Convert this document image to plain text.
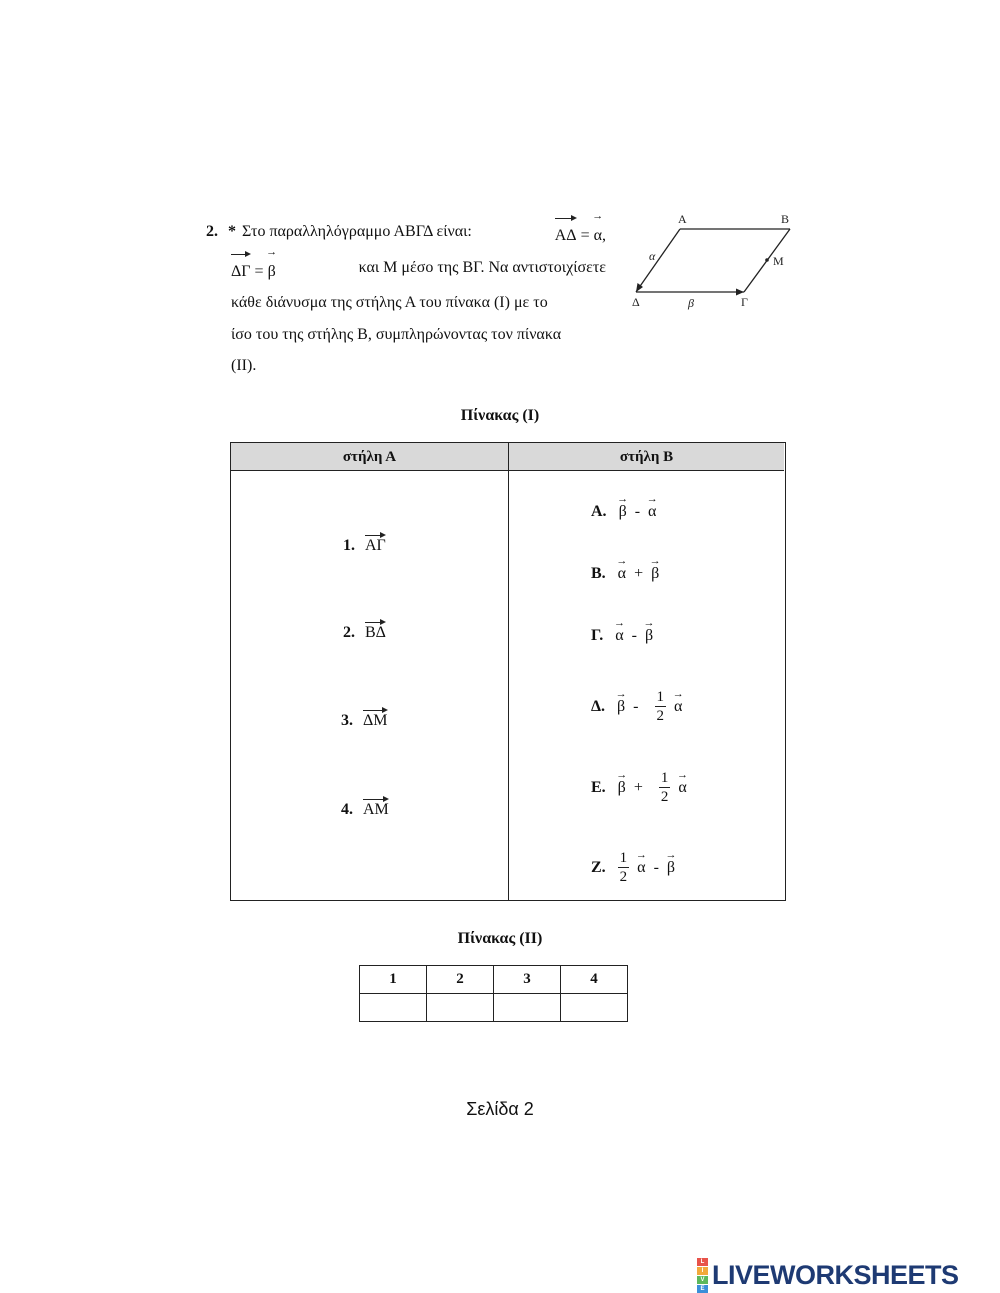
2. * Στο παραλληλόγραμμο ΑΒΓΔ είναι:	ΑΔ =
→
α,
ΔΓ =
→
β	και Μ μέσο της ΒΓ. Να αντιστοιχίσετε
κάθε διάνυσμα της στήλης Α του πίνακα (Ι) με το
ίσο του της στήλης Β, συμπληρώνοντας τον πίνακα
(ΙΙ).
Α	Β
Μ
Γ
Δ
α
β
Πίνακας (Ι)
στήλη Α	στήλη Β
1. ΑΓ
2. ΒΔ
3. ΔΜ
4. ΑΜ
Α.
→
β -
→
α
Β.
→
α +
→
β
Γ.
→
α -
→
β
Δ.
→
β - $\frac{1}{2}$ →
α
Ε.
→
$\beta + \frac{1}{2}$ →
α
Ζ. $\frac{1}{2}$ →
α -
→
β
Πίνακας (ΙΙ)
1	2	3	4

Σελίδα 2
L
I
V
E LIVEWORKSHEETS
